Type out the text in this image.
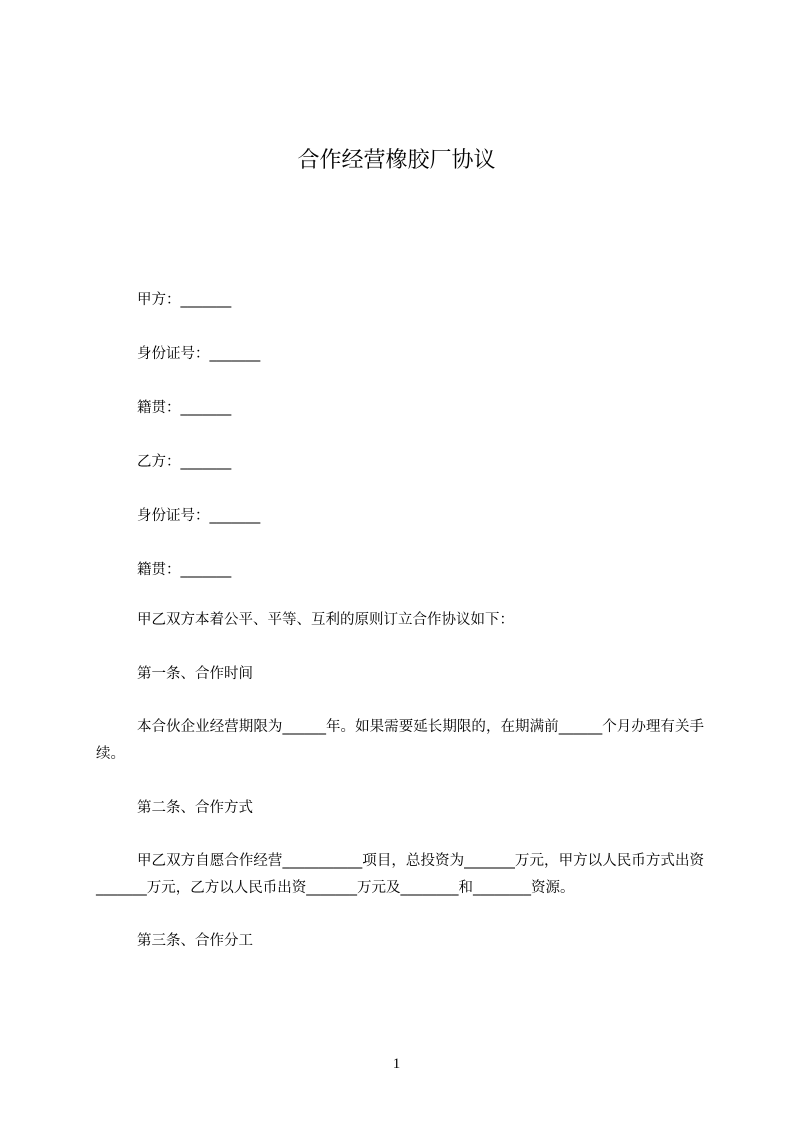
合作经营橡胶厂协议
甲方：_______
身份证号：_______
籍贯：_______
乙方：_______
身份证号：_______
籍贯：_______
甲乙双方本着公平、平等、互利的原则订立合作协议如下：
第一条、合作时间
本合伙企业经营期限为______年。如果需要延长期限的，在期满前______个月办理有关手续。
第二条、合作方式
甲乙双方自愿合作经营___________项目，总投资为_______万元，甲方以人民币方式出资_______万元，乙方以人民币出资_______万元及________和________资源。
第三条、合作分工
1
